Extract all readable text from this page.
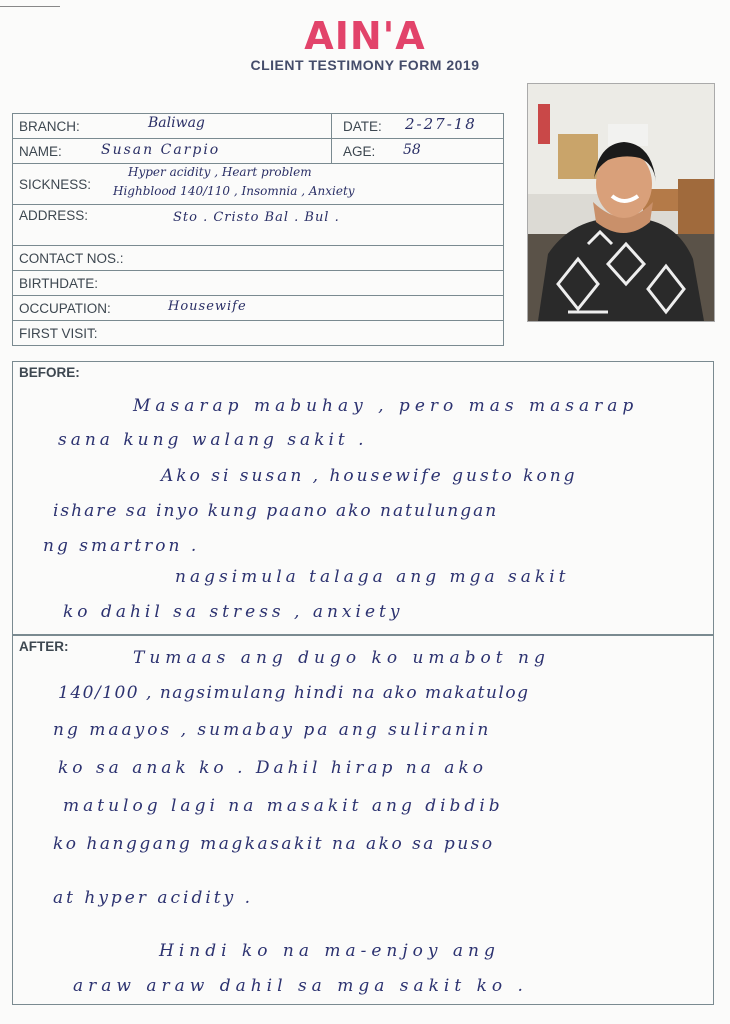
AIN'A
CLIENT TESTIMONY FORM 2019
BRANCH:	Baliwag	DATE: 2-27-18
NAME:	Susan Carpio	AGE: 58
SICKNESS:
Hyper acidity , Heart problem
Highblood 140/110 , Insomnia , Anxiety
ADDRESS:	Sto . Cristo Bal . Bul .
CONTACT NOS.:
BIRTHDATE:
OCCUPATION:	Housewife
FIRST VISIT:
BEFORE:
Masarap mabuhay , pero mas masarap
sana kung walang sakit .
Ako si susan , housewife gusto kong
ishare sa inyo kung paano ako natulungan
ng smartron .
nagsimula talaga ang mga sakit
ko dahil sa stress , anxiety
AFTER:
Tumaas ang dugo ko umabot ng
140/100 , nagsimulang hindi na ako makatulog
ng maayos , sumabay pa ang suliranin
ko sa anak ko . Dahil hirap na ako
matulog lagi na masakit ang dibdib
ko hanggang magkasakit na ako sa puso
at hyper acidity .
Hindi ko na ma-enjoy ang
araw araw dahil sa mga sakit ko .
